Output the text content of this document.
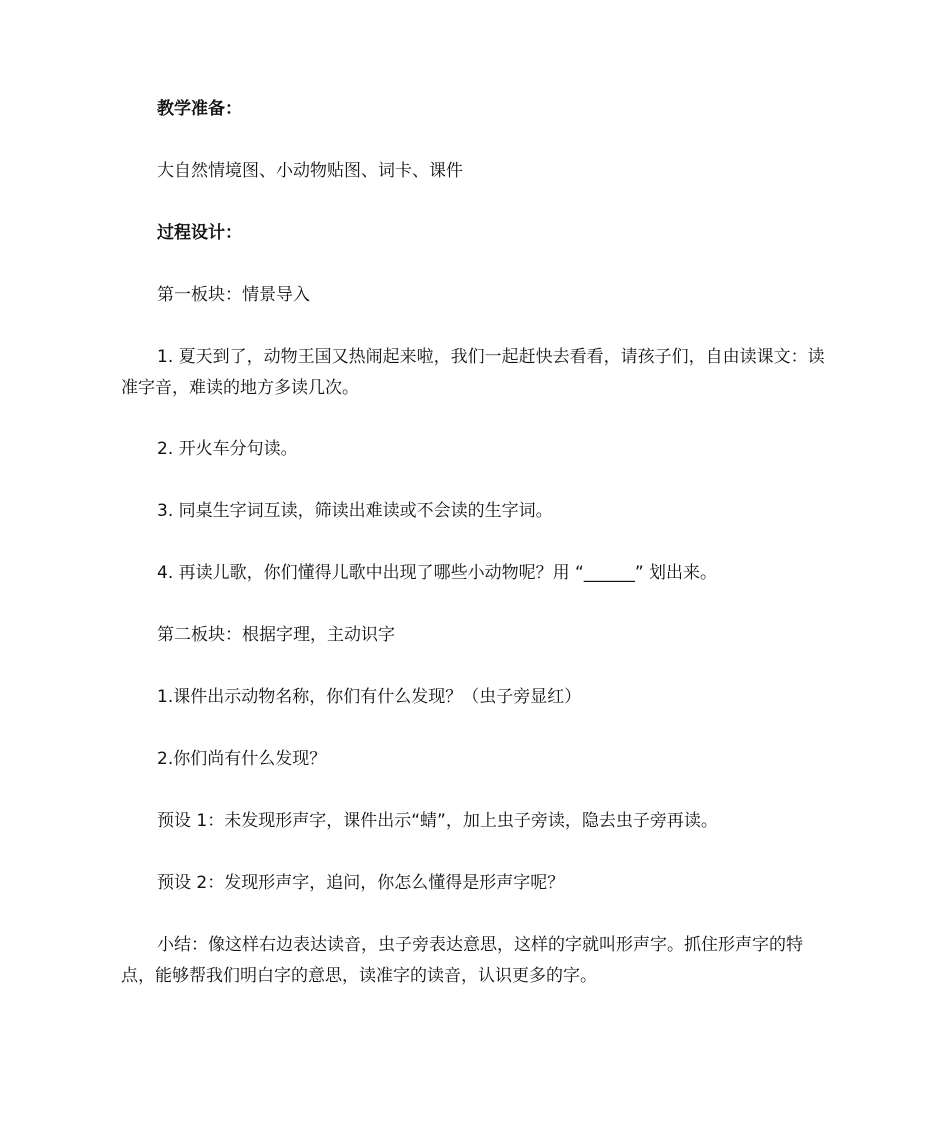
教学准备：

大自然情境图、小动物贴图、词卡、课件

过程设计：

第一板块：情景导入

1. 夏天到了，动物王国又热闹起来啦，我们一起赶快去看看，请孩子们，自由读课文：读准字音，难读的地方多读几次。

2. 开火车分句读。

3. 同桌生字词互读，筛读出难读或不会读的生字词。

4. 再读儿歌，你们懂得儿歌中出现了哪些小动物呢？用 “______” 划出来。

第二板块：根据字理，主动识字

1.课件出示动物名称，你们有什么发现？（虫子旁显红）

2.你们尚有什么发现？

预设 1：未发现形声字，课件出示“蜻”，加上虫子旁读，隐去虫子旁再读。

预设 2：发现形声字，追问，你怎么懂得是形声字呢？

小结：像这样右边表达读音，虫子旁表达意思，这样的字就叫形声字。抓住形声字的特点，能够帮我们明白字的意思，读准字的读音，认识更多的字。
